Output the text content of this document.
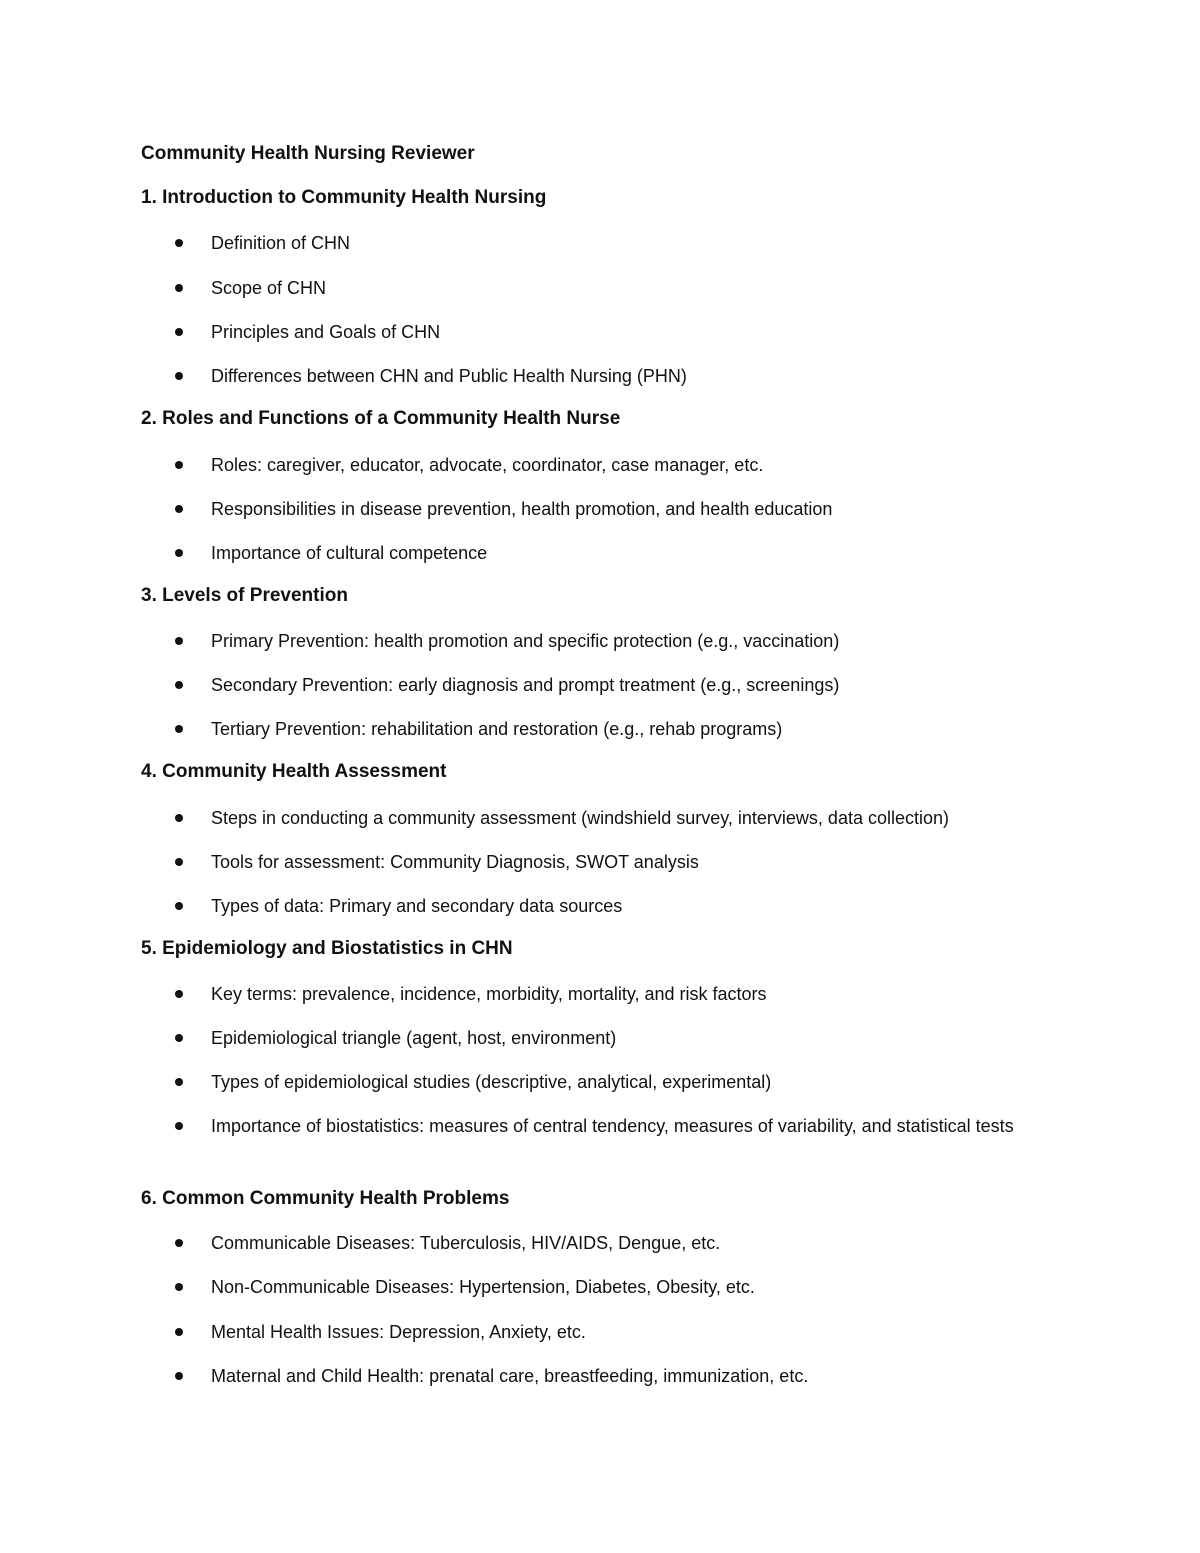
Community Health Nursing Reviewer
1. Introduction to Community Health Nursing
Definition of CHN
Scope of CHN
Principles and Goals of CHN
Differences between CHN and Public Health Nursing (PHN)
2. Roles and Functions of a Community Health Nurse
Roles: caregiver, educator, advocate, coordinator, case manager, etc.
Responsibilities in disease prevention, health promotion, and health education
Importance of cultural competence
3. Levels of Prevention
Primary Prevention: health promotion and specific protection (e.g., vaccination)
Secondary Prevention: early diagnosis and prompt treatment (e.g., screenings)
Tertiary Prevention: rehabilitation and restoration (e.g., rehab programs)
4. Community Health Assessment
Steps in conducting a community assessment (windshield survey, interviews, data collection)
Tools for assessment: Community Diagnosis, SWOT analysis
Types of data: Primary and secondary data sources
5. Epidemiology and Biostatistics in CHN
Key terms: prevalence, incidence, morbidity, mortality, and risk factors
Epidemiological triangle (agent, host, environment)
Types of epidemiological studies (descriptive, analytical, experimental)
Importance of biostatistics: measures of central tendency, measures of variability, and statistical tests
6. Common Community Health Problems
Communicable Diseases: Tuberculosis, HIV/AIDS, Dengue, etc.
Non-Communicable Diseases: Hypertension, Diabetes, Obesity, etc.
Mental Health Issues: Depression, Anxiety, etc.
Maternal and Child Health: prenatal care, breastfeeding, immunization, etc.
